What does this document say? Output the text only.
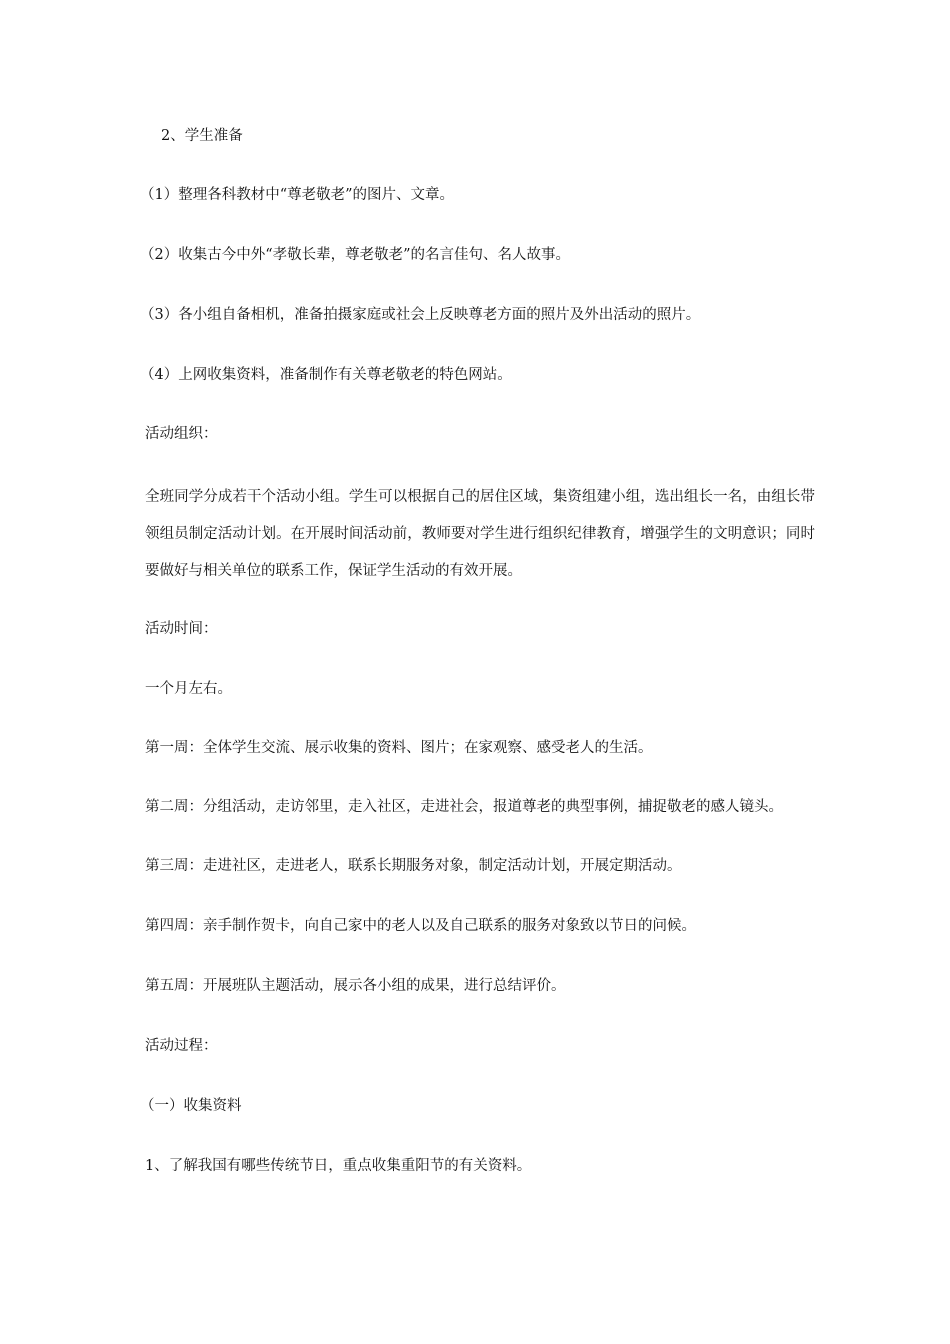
2、学生准备
（1）整理各科教材中“尊老敬老”的图片、文章。
（2）收集古今中外“孝敬长辈，尊老敬老”的名言佳句、名人故事。
（3）各小组自备相机，准备拍摄家庭或社会上反映尊老方面的照片及外出活动的照片。
（4）上网收集资料，准备制作有关尊老敬老的特色网站。
活动组织：
全班同学分成若干个活动小组。学生可以根据自己的居住区域，集资组建小组，选出组长一名，由组长带领组员制定活动计划。在开展时间活动前，教师要对学生进行组织纪律教育，增强学生的文明意识；同时要做好与相关单位的联系工作，保证学生活动的有效开展。
活动时间：
一个月左右。
第一周：全体学生交流、展示收集的资料、图片；在家观察、感受老人的生活。
第二周：分组活动，走访邻里，走入社区，走进社会，报道尊老的典型事例，捕捉敬老的感人镜头。
第三周：走进社区，走进老人，联系长期服务对象，制定活动计划，开展定期活动。
第四周：亲手制作贺卡，向自己家中的老人以及自己联系的服务对象致以节日的问候。
第五周：开展班队主题活动，展示各小组的成果，进行总结评价。
活动过程：
（一）收集资料
1、了解我国有哪些传统节日，重点收集重阳节的有关资料。
